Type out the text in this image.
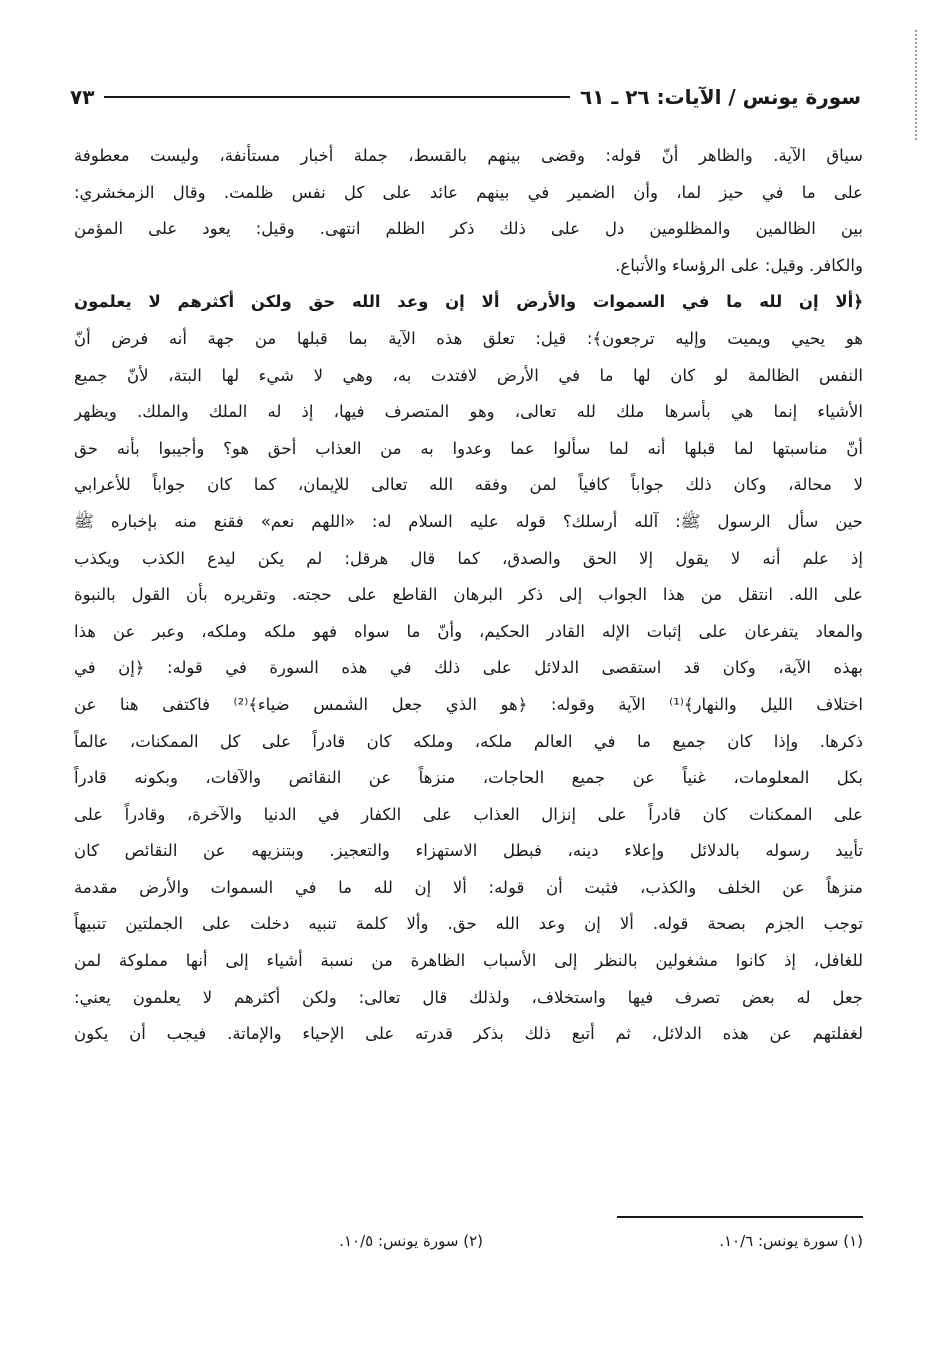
سورة يونس / الآيات: ٢٦ ـ ٦١
٧٣
سياق الآية. والظاهر أنّ قوله: وقضى بينهم بالقسط، جملة أخبار مستأنفة، وليست معطوفة
على ما في حيز لما، وأن الضمير في بينهم عائد على كل نفس ظلمت. وقال الزمخشري:
بين الظالمين والمظلومين دل على ذلك ذكر الظلم انتهى. وقيل: يعود على المؤمن
والكافر. وقيل: على الرؤساء والأتباع.
﴿ألا إن لله ما في السموات والأرض ألا إن وعد الله حق ولكن أكثرهم لا يعلمون
هو يحيي ويميت وإليه ترجعون﴾: قيل: تعلق هذه الآية بما قبلها من جهة أنه فرض أنّ
النفس الظالمة لو كان لها ما في الأرض لافتدت به، وهي لا شيء لها البتة، لأنّ جميع
الأشياء إنما هي بأسرها ملك لله تعالى، وهو المتصرف فيها، إذ له الملك والملك. ويظهر
أنّ مناسبتها لما قبلها أنه لما سألوا عما وعدوا به من العذاب أحق هو؟ وأجيبوا بأنه حق
لا محالة، وكان ذلك جواباً كافياً لمن وفقه الله تعالى للإيمان، كما كان جواباً للأعرابي
حين سأل الرسول ﷺ: آلله أرسلك؟ قوله عليه السلام له: «اللهم نعم» فقنع منه بإخباره ﷺ
إذ علم أنه لا يقول إلا الحق والصدق، كما قال هرقل: لم يكن ليدع الكذب ويكذب
على الله. انتقل من هذا الجواب إلى ذكر البرهان القاطع على حجته. وتقريره بأن القول بالنبوة
والمعاد يتفرعان على إثبات الإله القادر الحكيم، وأنّ ما سواه فهو ملكه وملكه، وعبر عن هذا
بهذه الآية، وكان قد استقصى الدلائل على ذلك في هذه السورة في قوله: ﴿إن في
اختلاف الليل والنهار﴾⁽¹⁾ الآية وقوله: ﴿هو الذي جعل الشمس ضياء﴾⁽²⁾ فاكتفى هنا عن
ذكرها. وإذا كان جميع ما في العالم ملكه، وملكه كان قادراً على كل الممكنات، عالماً
بكل المعلومات، غنياً عن جميع الحاجات، منزهاً عن النقائص والآفات، وبكونه قادراً
على الممكنات كان قادراً على إنزال العذاب على الكفار في الدنيا والآخرة، وقادراً على
تأييد رسوله بالدلائل وإعلاء دينه، فبطل الاستهزاء والتعجيز. وبتنزيهه عن النقائص كان
منزهاً عن الخلف والكذب، فثبت أن قوله: ألا إن لله ما في السموات والأرض مقدمة
توجب الجزم بصحة قوله. ألا إن وعد الله حق. وألا كلمة تنبيه دخلت على الجملتين تنبيهاً
للغافل، إذ كانوا مشغولين بالنظر إلى الأسباب الظاهرة من نسبة أشياء إلى أنها مملوكة لمن
جعل له بعض تصرف فيها واستخلاف، ولذلك قال تعالى: ولكن أكثرهم لا يعلمون يعني:
لغفلتهم عن هذه الدلائل، ثم أتبع ذلك بذكر قدرته على الإحياء والإماتة. فيجب أن يكون
(١) سورة يونس: ١٠/٦.
(٢) سورة يونس: ١٠/٥.
